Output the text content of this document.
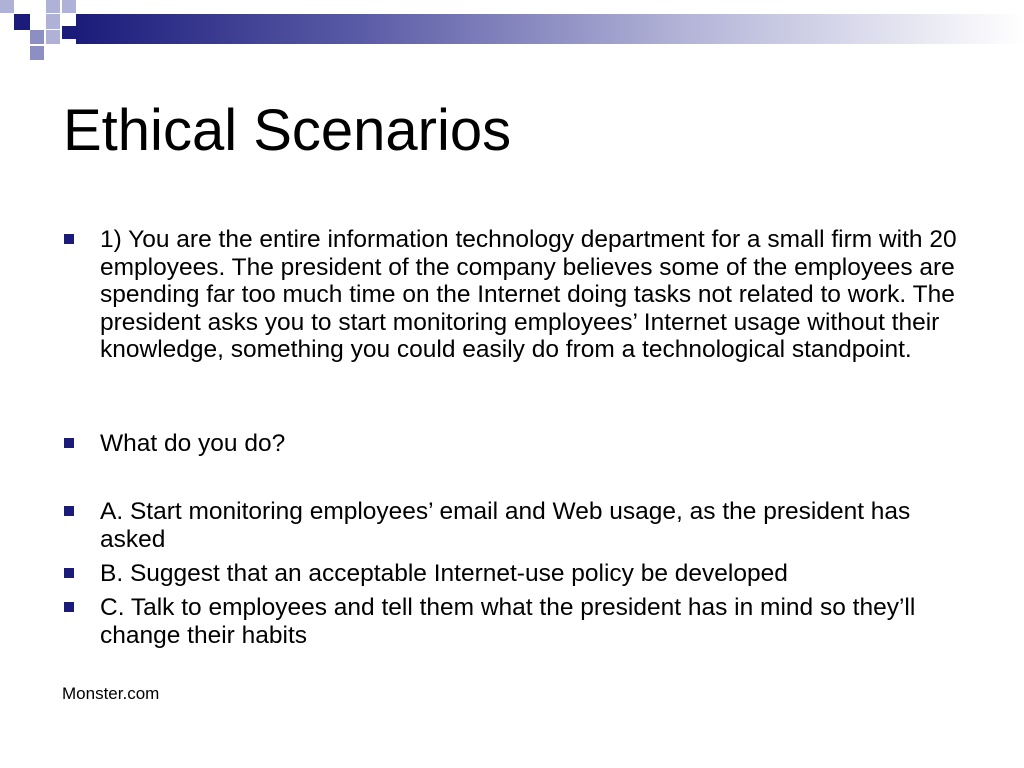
Ethical Scenarios
1) You are the entire information technology department for a small firm with 20 employees. The president of the company believes some of the employees are spending far too much time on the Internet doing tasks not related to work. The president asks you to start monitoring employees’ Internet usage without their knowledge, something you could easily do from a technological standpoint.
What do you do?
A. Start monitoring employees’ email and Web usage, as the president has asked
B. Suggest that an acceptable Internet-use policy be developed
C. Talk to employees and tell them what the president has in mind so they’ll change their habits
Monster.com
